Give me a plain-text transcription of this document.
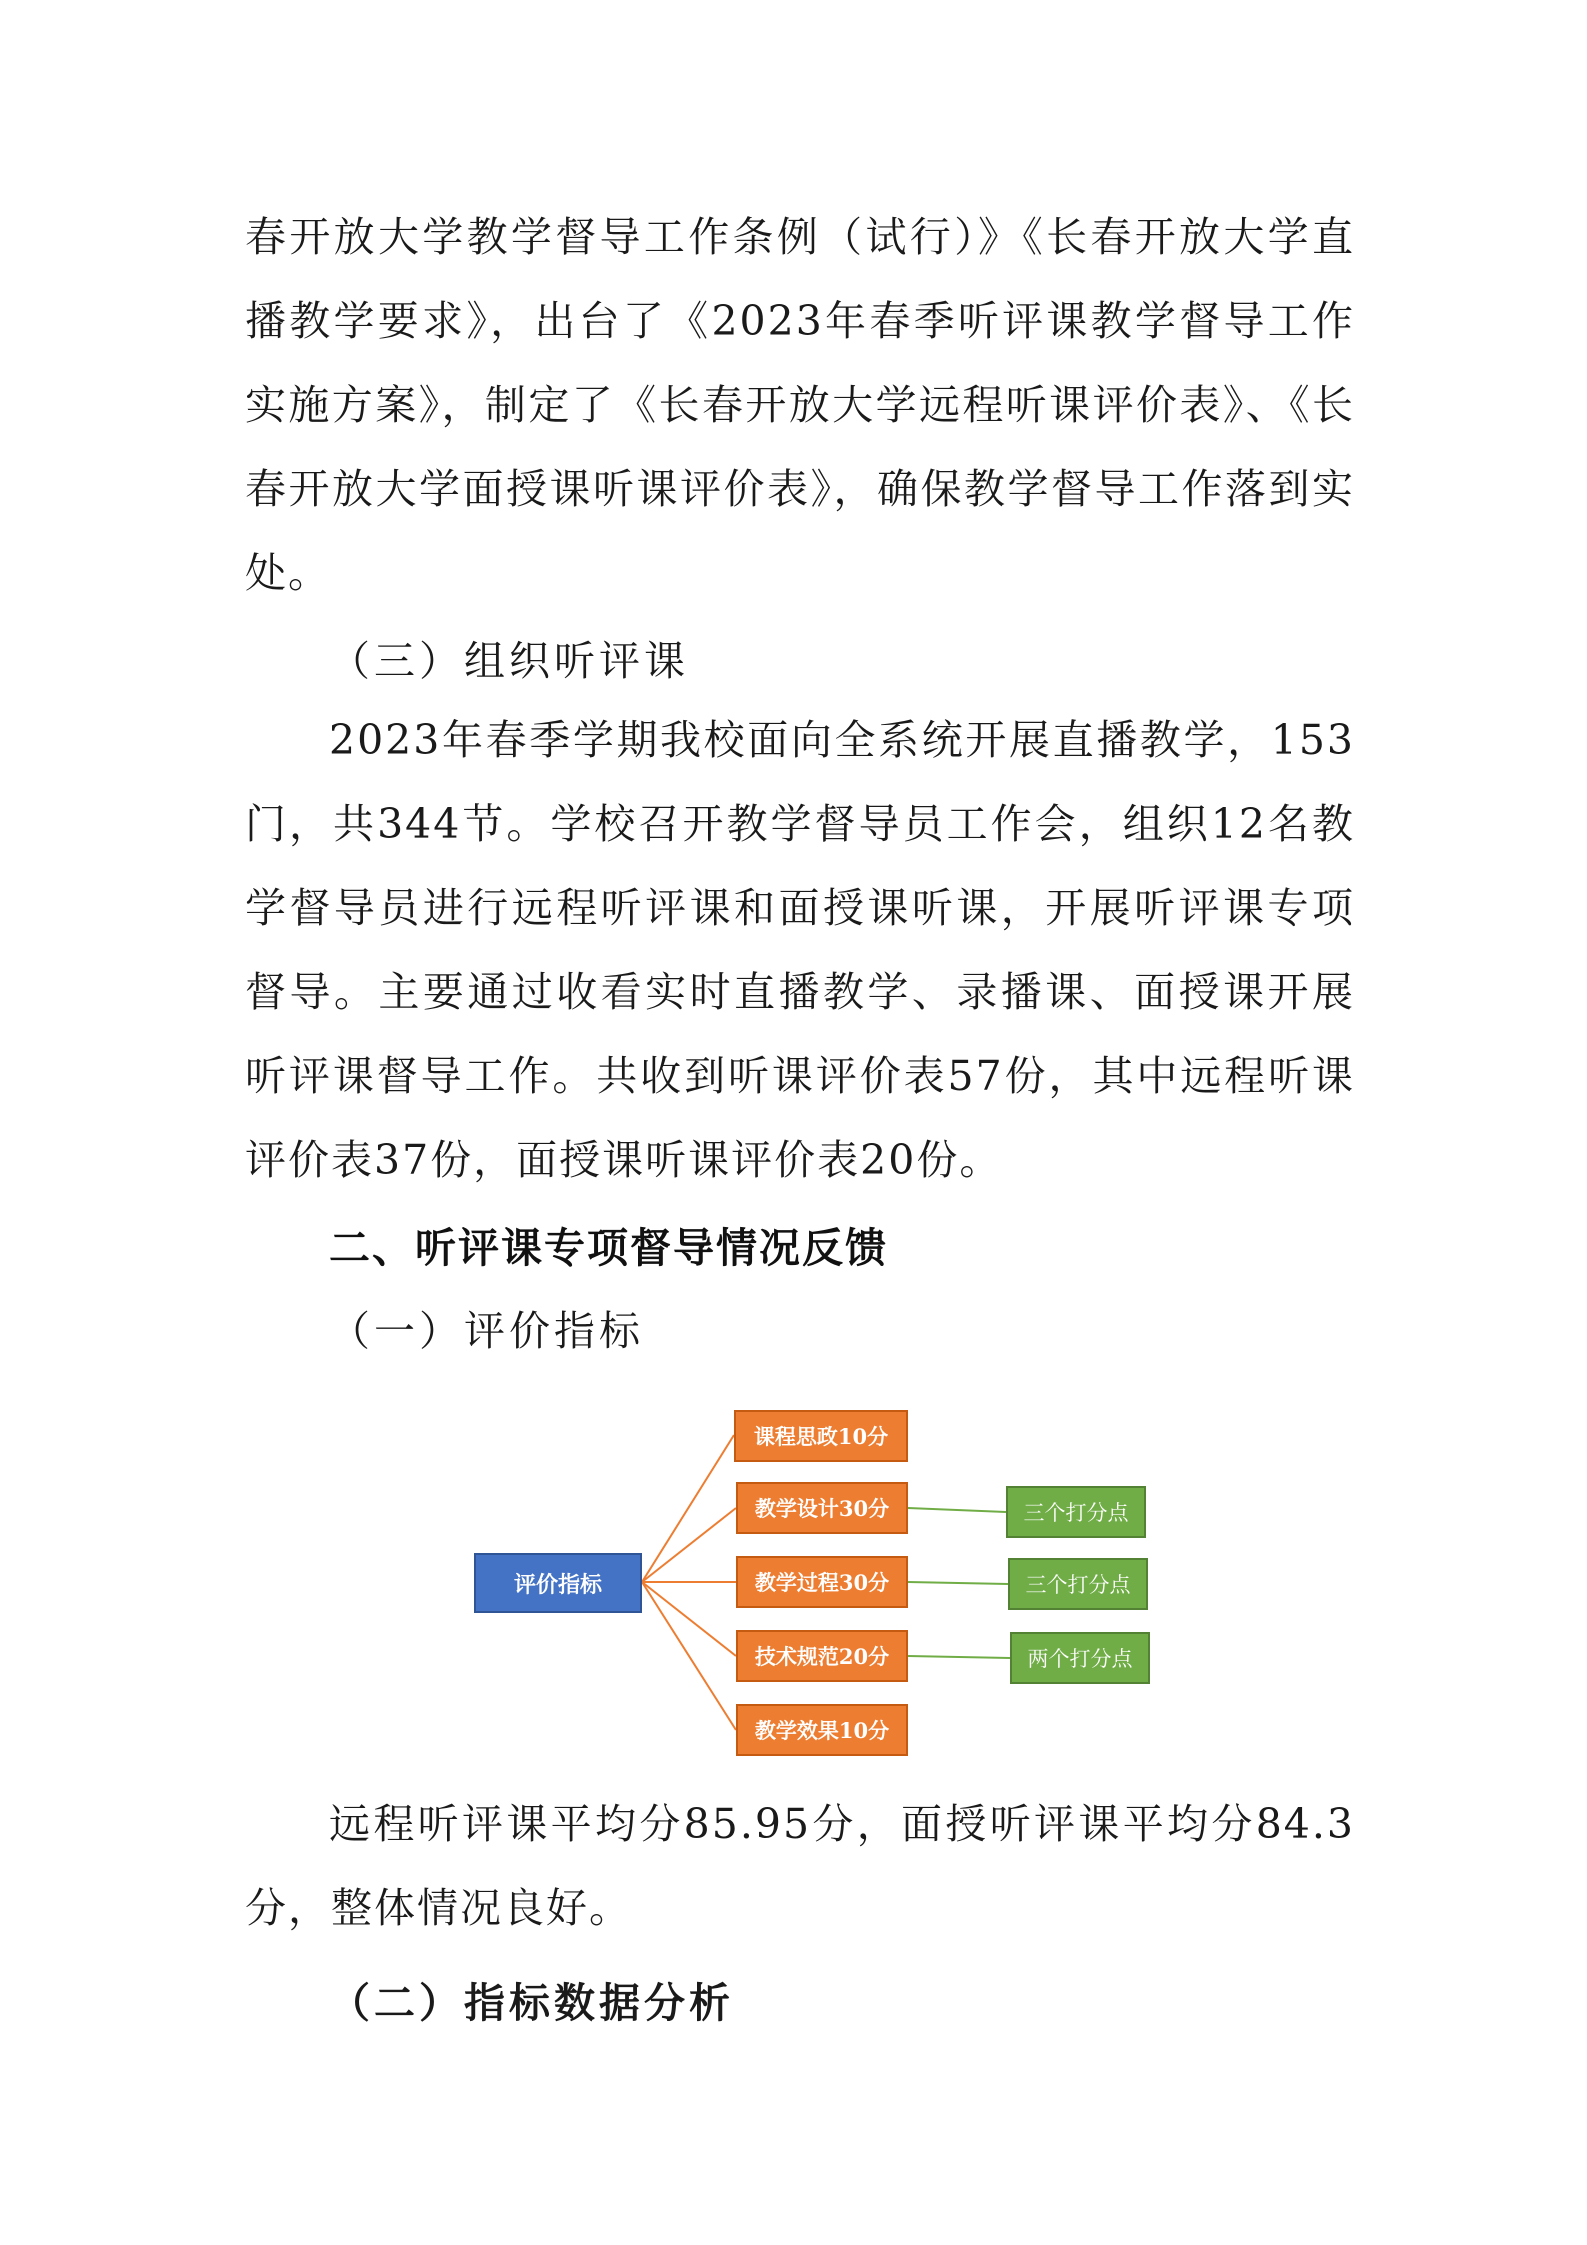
春开放大学教学督导工作条例（试行）》《长春开放大学直播教学要求》，出台了《2023年春季听评课教学督导工作实施方案》，制定了《长春开放大学远程听课评价表》、《长春开放大学面授课听课评价表》，确保教学督导工作落到实处。

（三）组织听评课

2023年春季学期我校面向全系统开展直播教学，153门，共344节。学校召开教学督导员工作会，组织12名教学督导员进行远程听评课和面授课听课，开展听评课专项督导。主要通过收看实时直播教学、录播课、面授课开展听评课督导工作。共收到听课评价表57份，其中远程听课评价表37份，面授课听课评价表20份。

二、听评课专项督导情况反馈
（一）评价指标
评价指标
课程思政10分
教学设计30分
教学过程30分
技术规范20分
教学效果10分
三个打分点
三个打分点
两个打分点

远程听评课平均分85.95分，面授听评课平均分84.3分，整体情况良好。

（二）指标数据分析
